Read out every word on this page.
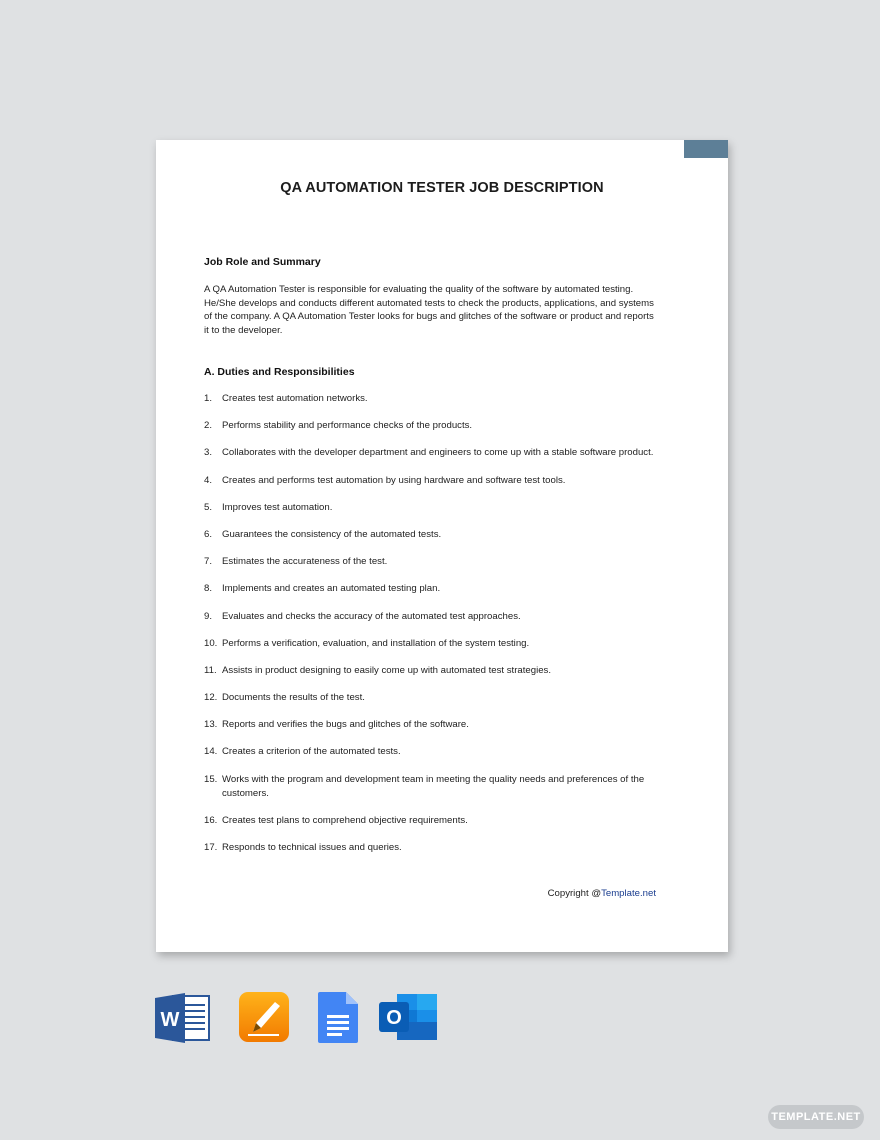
QA AUTOMATION TESTER JOB DESCRIPTION
Job Role and Summary
A QA Automation Tester is responsible for evaluating the quality of the software by automated testing. He/She develops and conducts different automated tests to check the products, applications, and systems of the company. A QA Automation Tester looks for bugs and glitches of the software or product and reports it to the developer.
A. Duties and Responsibilities
1. Creates test automation networks.
2. Performs stability and performance checks of the products.
3. Collaborates with the developer department and engineers to come up with a stable software product.
4. Creates and performs test automation by using hardware and software test tools.
5. Improves test automation.
6. Guarantees the consistency of the automated tests.
7. Estimates the accurateness of the test.
8. Implements and creates an automated testing plan.
9. Evaluates and checks the accuracy of the automated test approaches.
10. Performs a verification, evaluation, and installation of the system testing.
11. Assists in product designing to easily come up with automated test strategies.
12. Documents the results of the test.
13. Reports and verifies the bugs and glitches of the software.
14. Creates a criterion of the automated tests.
15. Works with the program and development team in meeting the quality needs and preferences of the customers.
16. Creates test plans to comprehend objective requirements.
17. Responds to technical issues and queries.
Copyright @Template.net
W	O
TEMPLATE.NET
